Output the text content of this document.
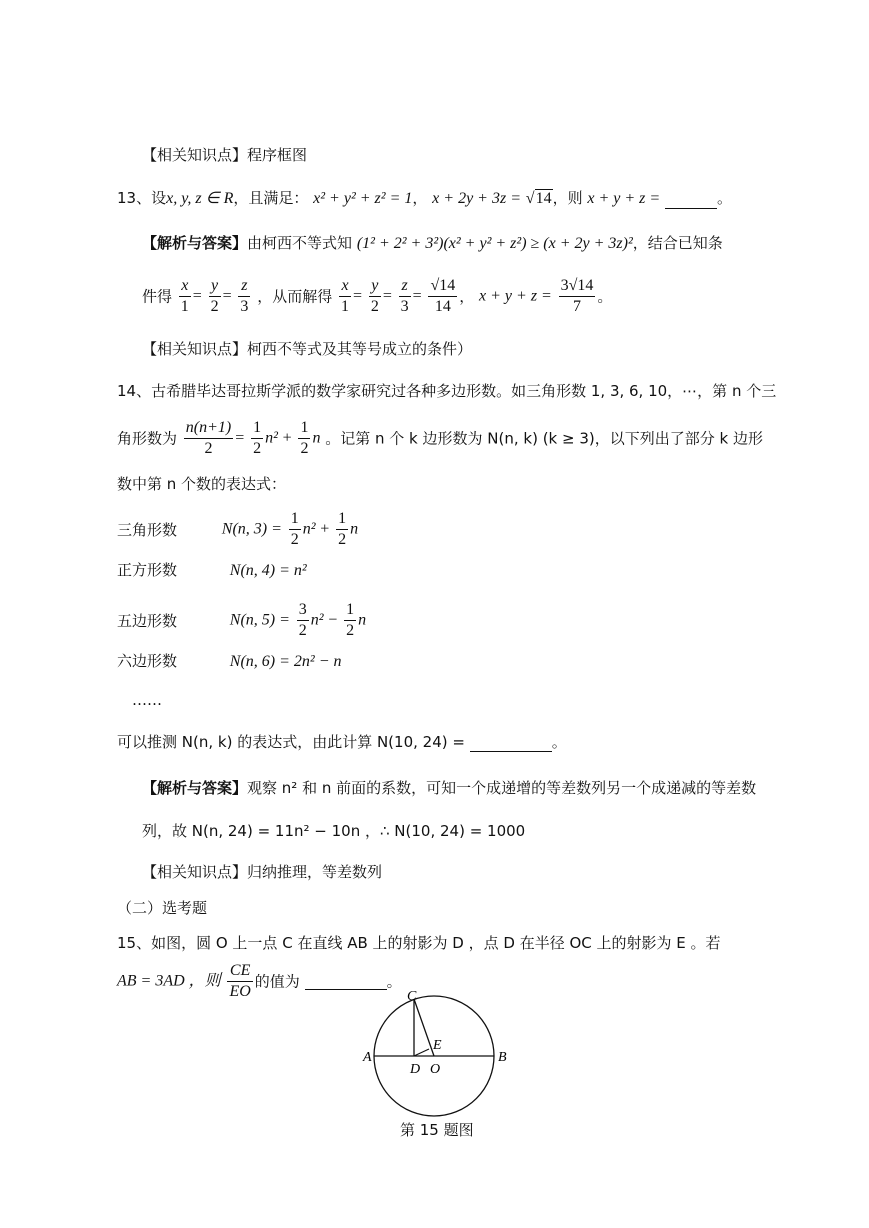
【相关知识点】程序框图
13、设x, y, z ∈ R，且满足： x² + y² + z² = 1， x + 2y + 3z = √14，则 x + y + z =	。
【解析与答案】由柯西不等式知 (1² + 2² + 3²)(x² + y² + z²) ≥ (x + 2y + 3z)²，结合已知条
件得 $\frac{x}{1} = \frac{y}{2} = \frac{z}{3}$ ，从而解得 $\frac{x}{1} = \frac{y}{2} = \frac{z}{3} = \frac{√14}{14}$ ， $x + y + z = \frac{3√14}{7}$ 。
【相关知识点】柯西不等式及其等号成立的条件）
14、古希腊毕达哥拉斯学派的数学家研究过各种多边形数。如三角形数 1, 3, 6, 10，⋯，第 n 个三
角形数为 $\frac{n(n+1)}{2} = \frac{1}{2} n^2 + \frac{1}{2}$ n 。记第 n 个 k 边形数为 N(n, k) (k ≥ 3)，以下列出了部分 k 边形
数中第 n 个数的表达式：
三角形数	N(n, $3) = \frac{1}{2} n^2 + \frac{1}{2}$ n
正方形数	N(n, 4) = n²
五边形数	N(n, $5) = \frac{3}{2} n^2 - \frac{1}{2}$ n
六边形数	N(n, 6) = 2n² − n
……
可以推测 N(n, k) 的表达式，由此计算 N(10, 24) =	。
【解析与答案】观察 n² 和 n 前面的系数，可知一个成递增的等差数列另一个成递减的等差数
列，故 N(n, 24) = 11n² − 10n ，∴ N(10, 24) = 1000
【相关知识点】归纳推理，等差数列
（二）选考题
15、如图，圆 O 上一点 C 在直线 AB 上的射影为 D ，点 D 在半径 OC 上的射影为 E 。若
AB = 3AD ，则 $\frac{CE}{EO}$ 的值为	。
C
A	B
E
D O
第 15 题图
